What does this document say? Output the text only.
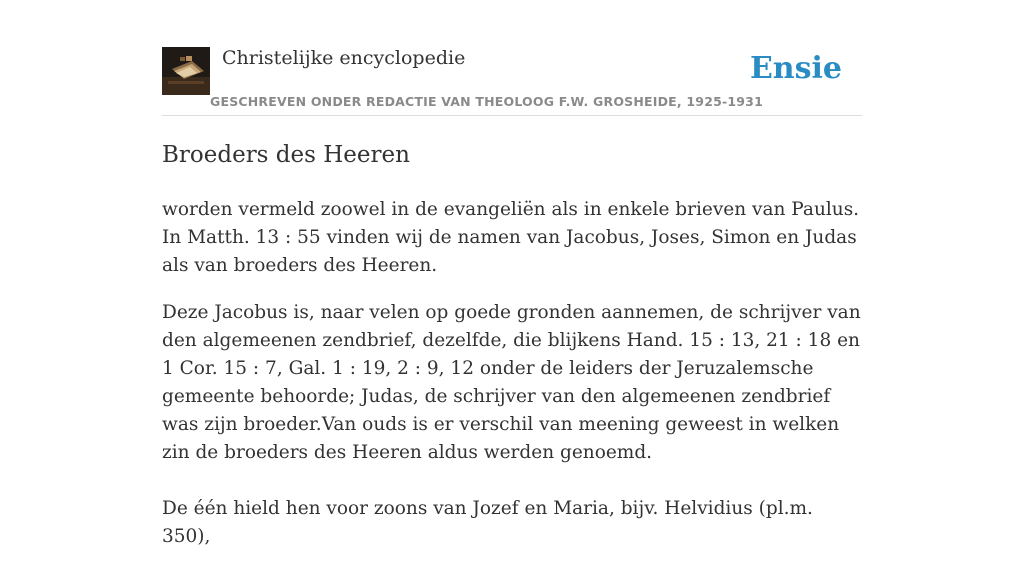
Christelijke encyclopedie
GESCHREVEN ONDER REDACTIE VAN THEOLOOG F.W. GROSHEIDE, 1925-1931
Ensie
Broeders des Heeren

worden vermeld zoowel in de evangeliën als in enkele brieven van Paulus. In Matth. 13 : 55 vinden wij de namen van Jacobus, Joses, Simon en Judas als van broeders des Heeren.

Deze Jacobus is, naar velen op goede gronden aannemen, de schrijver van den algemeenen zendbrief, dezelfde, die blijkens Hand. 15 : 13, 21 : 18 en 1 Cor. 15 : 7, Gal. 1 : 19, 2 : 9, 12 onder de leiders der Jeruzalemsche gemeente behoorde; Judas, de schrijver van den algemeenen zendbrief was zijn broeder.Van ouds is er verschil van meening geweest in welken zin de broeders des Heeren aldus werden genoemd.

De één hield hen voor zoons van Jozef en Maria, bijv. Helvidius (pl.m. 350),
